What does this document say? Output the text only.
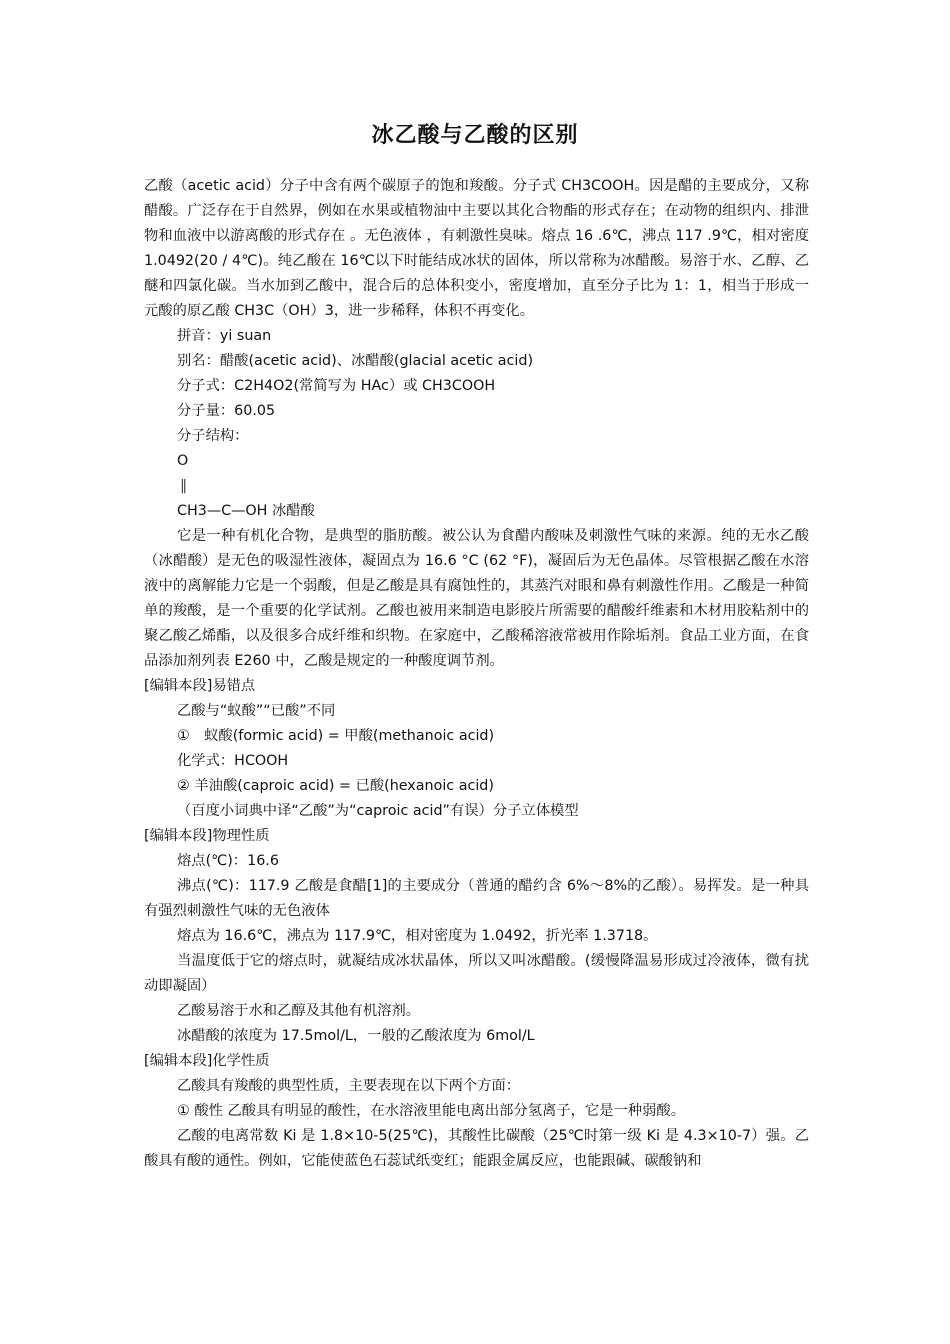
冰乙酸与乙酸的区别

乙酸（acetic acid）分子中含有两个碳原子的饱和羧酸。分子式 CH3COOH。因是醋的主要成分，又称醋酸。广泛存在于自然界，例如在水果或植物油中主要以其化合物酯的形式存在；在动物的组织内、排泄物和血液中以游离酸的形式存在 。无色液体 ，有刺激性臭味。熔点 16 .6℃，沸点 117 .9℃，相对密度 1.0492(20 / 4℃)。纯乙酸在 16℃以下时能结成冰状的固体，所以常称为冰醋酸。易溶于水、乙醇、乙醚和四氯化碳。当水加到乙酸中，混合后的总体积变小，密度增加，直至分子比为 1：1，相当于形成一元酸的原乙酸 CH3C（OH）3，进一步稀释，体积不再变化。

拼音：yi suan

别名：醋酸(acetic acid)、冰醋酸(glacial acetic acid)

分子式：C2H4O2(常简写为 HAc）或 CH3COOH

分子量：60.05

分子结构：

O

‖

CH3—C—OH 冰醋酸

它是一种有机化合物，是典型的脂肪酸。被公认为食醋内酸味及刺激性气味的来源。纯的无水乙酸（冰醋酸）是无色的吸湿性液体，凝固点为 16.6 °C (62 °F)，凝固后为无色晶体。尽管根据乙酸在水溶液中的离解能力它是一个弱酸，但是乙酸是具有腐蚀性的，其蒸汽对眼和鼻有刺激性作用。乙酸是一种简单的羧酸，是一个重要的化学试剂。乙酸也被用来制造电影胶片所需要的醋酸纤维素和木材用胶粘剂中的聚乙酸乙烯酯，以及很多合成纤维和织物。在家庭中，乙酸稀溶液常被用作除垢剂。食品工业方面，在食品添加剂列表 E260 中，乙酸是规定的一种酸度调节剂。

[编辑本段]易错点

乙酸与“蚁酸”“已酸”不同

①　蚁酸(formic acid) = 甲酸(methanoic acid)

化学式：HCOOH

② 羊油酸(caproic acid) = 已酸(hexanoic acid)

（百度小词典中译“乙酸”为“caproic acid”有误）分子立体模型

[编辑本段]物理性质

熔点(℃)：16.6

沸点(℃)：117.9 乙酸是食醋[1]的主要成分（普通的醋约含 6%～8%的乙酸）。易挥发。是一种具有强烈刺激性气味的无色液体

熔点为 16.6℃，沸点为 117.9℃，相对密度为 1.0492，折光率 1.3718。

当温度低于它的熔点时，就凝结成冰状晶体，所以又叫冰醋酸。(缓慢降温易形成过冷液体，微有扰动即凝固）

乙酸易溶于水和乙醇及其他有机溶剂。

冰醋酸的浓度为 17.5mol/L，一般的乙酸浓度为 6mol/L

[编辑本段]化学性质

乙酸具有羧酸的典型性质，主要表现在以下两个方面：

① 酸性 乙酸具有明显的酸性，在水溶液里能电离出部分氢离子，它是一种弱酸。

乙酸的电离常数 Ki 是 1.8×10-5(25℃)，其酸性比碳酸（25℃时第一级 Ki 是 4.3×10-7）强。乙酸具有酸的通性。例如，它能使蓝色石蕊试纸变红；能跟金属反应，也能跟碱、碳酸钠和
